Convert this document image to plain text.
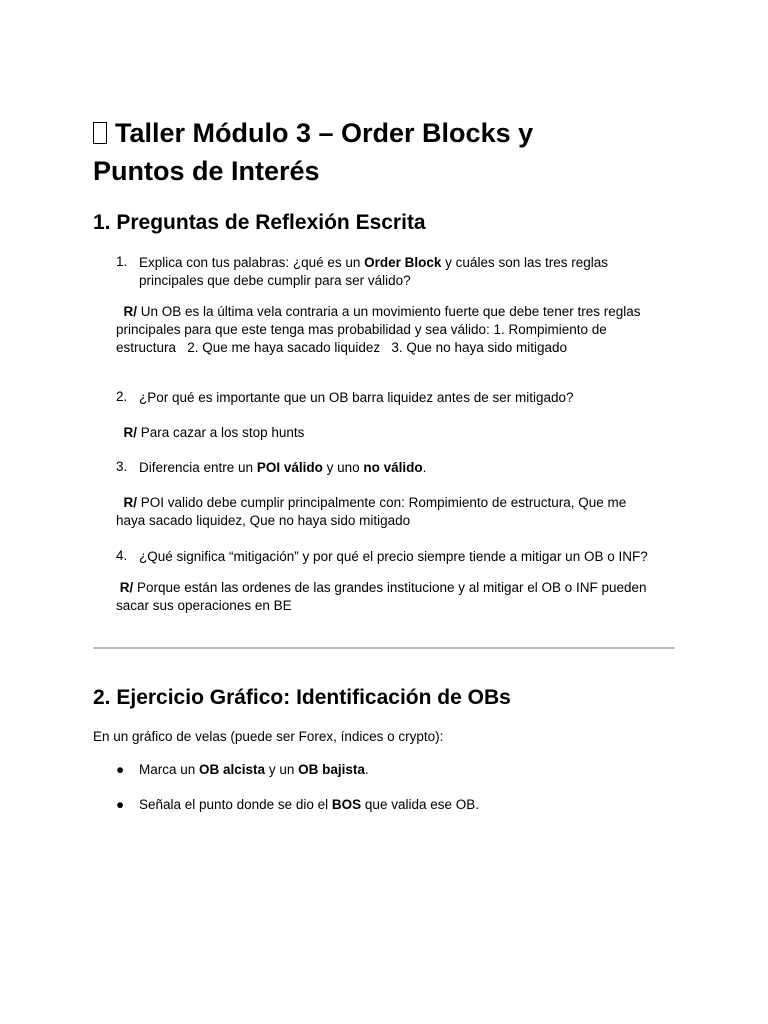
Taller Módulo 3 – Order Blocks y
Puntos de Interés
1. Preguntas de Reflexión Escrita
1. Explica con tus palabras: ¿qué es un Order Block y cuáles son las tres reglas
principales que debe cumplir para ser válido?
R/ Un OB es la última vela contraria a un movimiento fuerte que debe tener tres reglas
principales para que este tenga mas probabilidad y sea válido: 1. Rompimiento de
estructura   2. Que me haya sacado liquidez   3. Que no haya sido mitigado
2. ¿Por qué es importante que un OB barra liquidez antes de ser mitigado?
R/ Para cazar a los stop hunts
3. Diferencia entre un POI válido y uno no válido.
R/ POI valido debe cumplir principalmente con: Rompimiento de estructura, Que me
haya sacado liquidez, Que no haya sido mitigado
4. ¿Qué significa “mitigación” y por qué el precio siempre tiende a mitigar un OB o INF?
R/ Porque están las ordenes de las grandes institucione y al mitigar el OB o INF pueden
sacar sus operaciones en BE
2. Ejercicio Gráfico: Identificación de OBs
En un gráfico de velas (puede ser Forex, índices o crypto):
● Marca un OB alcista y un OB bajista.
● Señala el punto donde se dio el BOS que valida ese OB.
